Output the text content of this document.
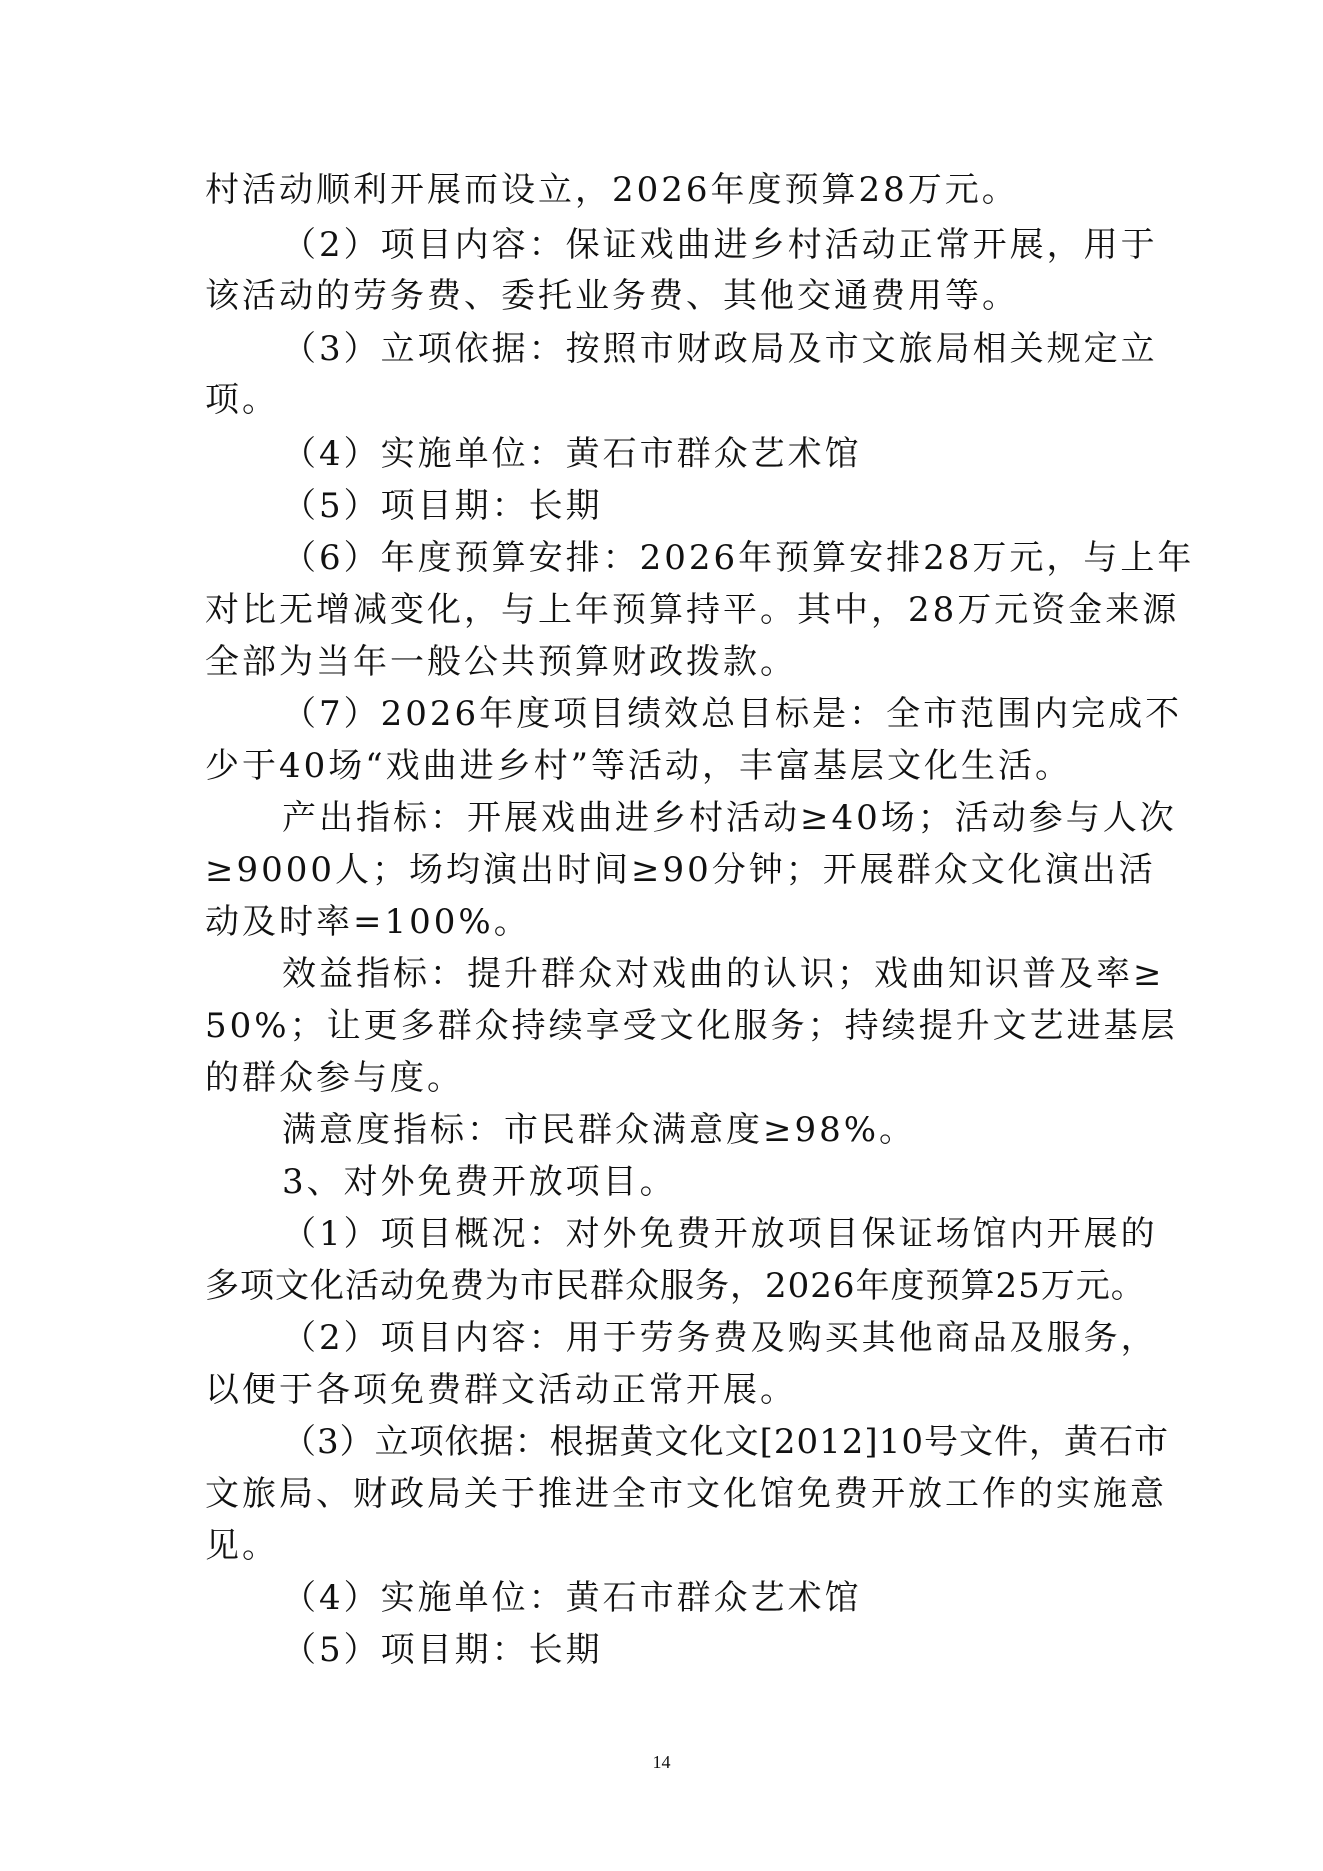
村活动顺利开展而设立，2026年度预算28万元。
（2）项目内容：保证戏曲进乡村活动正常开展，用于
该活动的劳务费、委托业务费、其他交通费用等。
（3）立项依据：按照市财政局及市文旅局相关规定立
项。
（4）实施单位：黄石市群众艺术馆
（5）项目期：长期
（6）年度预算安排：2026年预算安排28万元，与上年
对比无增减变化，与上年预算持平。其中，28万元资金来源
全部为当年一般公共预算财政拨款。
（7）2026年度项目绩效总目标是：全市范围内完成不
少于40场“戏曲进乡村”等活动，丰富基层文化生活。
产出指标：开展戏曲进乡村活动≥40场；活动参与人次
≥9000人；场均演出时间≥90分钟；开展群众文化演出活
动及时率=100%。
效益指标：提升群众对戏曲的认识；戏曲知识普及率≥
50%；让更多群众持续享受文化服务；持续提升文艺进基层
的群众参与度。
满意度指标：市民群众满意度≥98%。
3、对外免费开放项目。
（1）项目概况：对外免费开放项目保证场馆内开展的
多项文化活动免费为市民群众服务，2026年度预算25万元。
（2）项目内容：用于劳务费及购买其他商品及服务，
以便于各项免费群文活动正常开展。
（3）立项依据：根据黄文化文[2012]10号文件，黄石市
文旅局、财政局关于推进全市文化馆免费开放工作的实施意
见。
（4）实施单位：黄石市群众艺术馆
（5）项目期：长期
14
